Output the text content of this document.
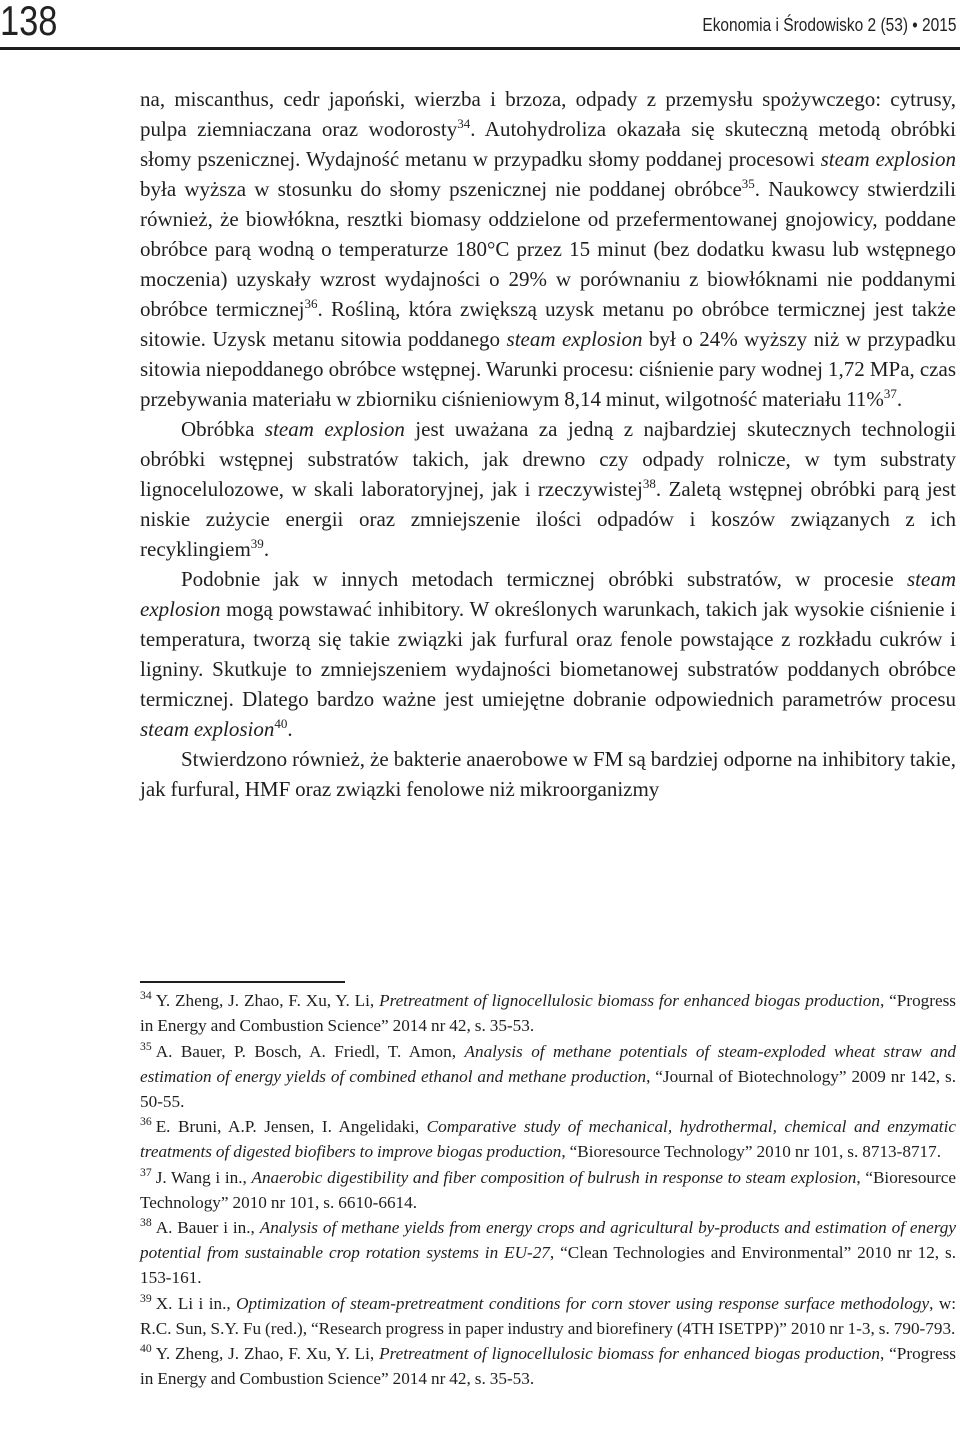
138	Ekonomia i Środowisko 2 (53) • 2015

na, miscanthus, cedr japoński, wierzba i brzoza, odpady z przemysłu spożywczego: cytrusy, pulpa ziemniaczana oraz wodorosty$^{34}$. Autohydroliza okazała się skuteczną metodą obróbki słomy pszenicznej. Wydajność metanu w przypadku słomy poddanej procesowi steam explosion była wyższa w stosunku do słomy pszenicznej nie poddanej obróbce$^{35}$. Naukowcy stwierdzili również, że biowłókna, resztki biomasy oddzielone od przefermentowanej gnojowicy, poddane obróbce parą wodną o temperaturze 180°C przez 15 minut (bez dodatku kwasu lub wstępnego moczenia) uzyskały wzrost wydajności o 29% w porównaniu z biowłóknami nie poddanymi obróbce termicznej$^{36}$. Rośliną, która zwiększą uzysk metanu po obróbce termicznej jest także sitowie. Uzysk metanu sitowia poddanego steam explosion był o 24% wyższy niż w przypadku sitowia niepoddanego obróbce wstępnej. Warunki procesu: ciśnienie pary wodnej 1,72 MPa, czas przebywania materiału w zbiorniku ciśnieniowym 8,14 minut, wilgotność materiału 11%$^{37}$.

Obróbka steam explosion jest uważana za jedną z najbardziej skutecznych technologii obróbki wstępnej substratów takich, jak drewno czy odpady rolnicze, w tym substraty lignocelulozowe, w skali laboratoryjnej, jak i rzeczywistej$^{38}$. Zaletą wstępnej obróbki parą jest niskie zużycie energii oraz zmniejszenie ilości odpadów i koszów związanych z ich recyklingiem$^{39}$.

Podobnie jak w innych metodach termicznej obróbki substratów, w procesie steam explosion mogą powstawać inhibitory. W określonych warunkach, takich jak wysokie ciśnienie i temperatura, tworzą się takie związki jak furfural oraz fenole powstające z rozkładu cukrów i ligniny. Skutkuje to zmniejszeniem wydajności biometanowej substratów poddanych obróbce termicznej. Dlatego bardzo ważne jest umiejętne dobranie odpowiednich parametrów procesu steam explosion$^{40}$.

Stwierdzono również, że bakterie anaerobowe w FM są bardziej odporne na inhibitory takie, jak furfural, HMF oraz związki fenolowe niż mikroorganizmy

$^{34}$ Y. Zheng, J. Zhao, F. Xu, Y. Li, Pretreatment of lignocellulosic biomass for enhanced biogas production, “Progress in Energy and Combustion Science” 2014 nr 42, s. 35-53.

$^{35}$ A. Bauer, P. Bosch, A. Friedl, T. Amon, Analysis of methane potentials of steam-exploded wheat straw and estimation of energy yields of combined ethanol and methane production, “Journal of Biotechnology” 2009 nr 142, s. 50-55.

$^{36}$ E. Bruni, A.P. Jensen, I. Angelidaki, Comparative study of mechanical, hydrothermal, chemical and enzymatic treatments of digested biofibers to improve biogas production, “Bioresource Technology” 2010 nr 101, s. 8713-8717.

$^{37}$ J. Wang i in., Anaerobic digestibility and fiber composition of bulrush in response to steam explosion, “Bioresource Technology” 2010 nr 101, s. 6610-6614.

$^{38}$ A. Bauer i in., Analysis of methane yields from energy crops and agricultural by-products and estimation of energy potential from sustainable crop rotation systems in EU-27, “Clean Technologies and Environmental” 2010 nr 12, s. 153-161.

$^{39}$ X. Li i in., Optimization of steam-pretreatment conditions for corn stover using response surface methodology, w: R.C. Sun, S.Y. Fu (red.), “Research progress in paper industry and biorefinery (4TH ISETPP)” 2010 nr 1-3, s. 790-793.

$^{40}$ Y. Zheng, J. Zhao, F. Xu, Y. Li, Pretreatment of lignocellulosic biomass for enhanced biogas production, “Progress in Energy and Combustion Science” 2014 nr 42, s. 35-53.
